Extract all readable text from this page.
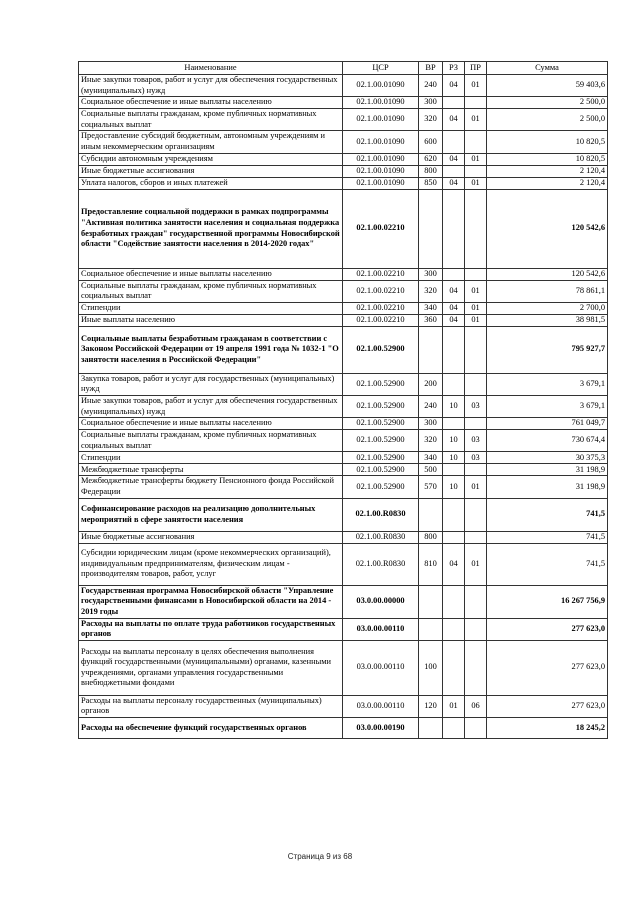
Наименование	ЦСР	ВР	РЗ	ПР	Сумма
Иные закупки товаров, работ и услуг для обеспечения государственных (муниципальных) нужд	02.1.00.01090	240	04	01	59 403,6
Социальное обеспечение и иные выплаты населению	02.1.00.01090	300			2 500,0
Социальные выплаты гражданам, кроме публичных нормативных социальных выплат	02.1.00.01090	320	04	01	2 500,0
Предоставление субсидий бюджетным, автономным учреждениям и иным некоммерческим организациям	02.1.00.01090	600			10 820,5
Субсидии автономным учреждениям	02.1.00.01090	620	04	01	10 820,5
Иные бюджетные ассигнования	02.1.00.01090	800			2 120,4
Уплата налогов, сборов и иных платежей	02.1.00.01090	850	04	01	2 120,4
Предоставление социальной поддержки в рамках подпрограммы "Активная политика занятости населения и социальная поддержка безработных граждан" государственной программы Новосибирской области "Содействие занятости населения в 2014-2020 годах"	02.1.00.02210				120 542,6
Социальное обеспечение и иные выплаты населению	02.1.00.02210	300			120 542,6
Социальные выплаты гражданам, кроме публичных нормативных социальных выплат	02.1.00.02210	320	04	01	78 861,1
Стипендии	02.1.00.02210	340	04	01	2 700,0
Иные выплаты населению	02.1.00.02210	360	04	01	38 981,5
Социальные выплаты безработным гражданам в соответствии с Законом Российской Федерации от 19 апреля 1991 года № 1032-1 "О занятости населения в Российской Федерации"	02.1.00.52900				795 927,7
Закупка товаров, работ и услуг для государственных (муниципальных) нужд	02.1.00.52900	200			3 679,1
Иные закупки товаров, работ и услуг для обеспечения государственных (муниципальных) нужд	02.1.00.52900	240	10	03	3 679,1
Социальное обеспечение и иные выплаты населению	02.1.00.52900	300			761 049,7
Социальные выплаты гражданам, кроме публичных нормативных социальных выплат	02.1.00.52900	320	10	03	730 674,4
Стипендии	02.1.00.52900	340	10	03	30 375,3
Межбюджетные трансферты	02.1.00.52900	500			31 198,9
Межбюджетные трансферты бюджету Пенсионного фонда Российской Федерации	02.1.00.52900	570	10	01	31 198,9
Софинансирование расходов на реализацию дополнительных мероприятий в сфере занятости населения	02.1.00.R0830				741,5
Иные бюджетные ассигнования	02.1.00.R0830	800			741,5
Субсидии юридическим лицам (кроме некоммерческих организаций), индивидуальным предпринимателям, физическим лицам - производителям товаров, работ, услуг	02.1.00.R0830	810	04	01	741,5
Государственная программа Новосибирской области "Управление государственными финансами в Новосибирской области на 2014 - 2019 годы	03.0.00.00000				16 267 756,9
Расходы на выплаты по оплате труда работников государственных органов	03.0.00.00110				277 623,0
Расходы на выплаты персоналу в целях обеспечения выполнения функций государственными (муниципальными) органами, казенными учреждениями, органами управления государственными внебюджетными фондами	03.0.00.00110	100			277 623,0
Расходы на выплаты персоналу государственных (муниципальных) органов	03.0.00.00110	120	01	06	277 623,0
Расходы на обеспечение функций государственных органов	03.0.00.00190				18 245,2
Страница 9 из 68
